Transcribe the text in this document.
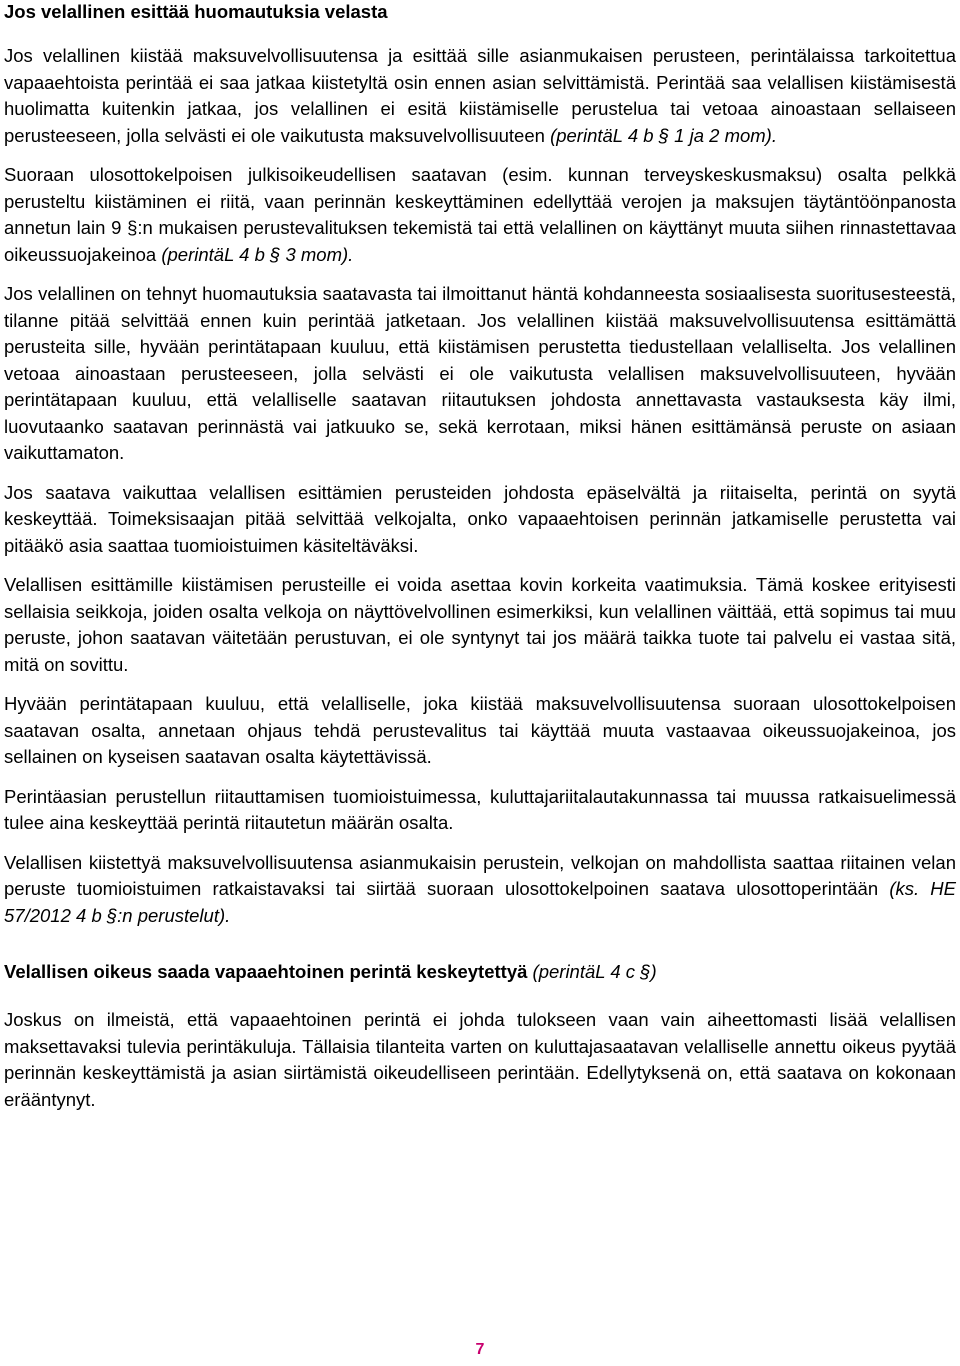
Jos velallinen esittää huomautuksia velasta

Jos velallinen kiistää maksuvelvollisuutensa ja esittää sille asianmukaisen perusteen, perintälaissa tarkoitettua vapaaehtoista perintää ei saa jatkaa kiistetyltä osin ennen asian selvittämistä. Perintää saa velallisen kiistämisestä huolimatta kuitenkin jatkaa, jos velallinen ei esitä kiistämiselle perustelua tai vetoaa ainoastaan sellaiseen perusteeseen, jolla selvästi ei ole vaikutusta maksuvelvollisuuteen (perintäL 4 b § 1 ja 2 mom).

Suoraan ulosottokelpoisen julkisoikeudellisen saatavan (esim. kunnan terveyskeskusmaksu) osalta pelkkä perusteltu kiistäminen ei riitä, vaan perinnän keskeyttäminen edellyttää verojen ja maksujen täytäntöönpanosta annetun lain 9 §:n mukaisen perustevalituksen tekemistä tai että velallinen on käyttänyt muuta siihen rinnastettavaa oikeussuojakeinoa (perintäL 4 b § 3 mom).

Jos velallinen on tehnyt huomautuksia saatavasta tai ilmoittanut häntä kohdanneesta sosiaalisesta suoritusesteestä, tilanne pitää selvittää ennen kuin perintää jatketaan. Jos velallinen kiistää maksuvelvollisuutensa esittämättä perusteita sille, hyvään perintätapaan kuuluu, että kiistämisen perustetta tiedustellaan velalliselta. Jos velallinen vetoaa ainoastaan perusteeseen, jolla selvästi ei ole vaikutusta velallisen maksuvelvollisuuteen, hyvään perintätapaan kuuluu, että velalliselle saatavan riitautuksen johdosta annettavasta vastauksesta käy ilmi, luovutaanko saatavan perinnästä vai jatkuuko se, sekä kerrotaan, miksi hänen esittämänsä peruste on asiaan vaikuttamaton.

Jos saatava vaikuttaa velallisen esittämien perusteiden johdosta epäselvältä ja riitaiselta, perintä on syytä keskeyttää. Toimeksisaajan pitää selvittää velkojalta, onko vapaaehtoisen perinnän jatkamiselle perustetta vai pitääkö asia saattaa tuomioistuimen käsiteltäväksi.

Velallisen esittämille kiistämisen perusteille ei voida asettaa kovin korkeita vaatimuksia. Tämä koskee erityisesti sellaisia seikkoja, joiden osalta velkoja on näyttövelvollinen esimerkiksi, kun velallinen väittää, että sopimus tai muu peruste, johon saatavan väitetään perustuvan, ei ole syntynyt tai jos määrä taikka tuote tai palvelu ei vastaa sitä, mitä on sovittu.

Hyvään perintätapaan kuuluu, että velalliselle, joka kiistää maksuvelvollisuutensa suoraan ulosottokelpoisen saatavan osalta, annetaan ohjaus tehdä perustevalitus tai käyttää muuta vastaavaa oikeussuojakeinoa, jos sellainen on kyseisen saatavan osalta käytettävissä.

Perintäasian perustellun riitauttamisen tuomioistuimessa, kuluttajariitalautakunnassa tai muussa ratkaisuelimessä tulee aina keskeyttää perintä riitautetun määrän osalta.

Velallisen kiistettyä maksuvelvollisuutensa asianmukaisin perustein, velkojan on mahdollista saattaa riitainen velan peruste tuomioistuimen ratkaistavaksi tai siirtää suoraan ulosottokelpoinen saatava ulosottoperintään (ks. HE 57/2012 4 b §:n perustelut).

Velallisen oikeus saada vapaaehtoinen perintä keskeytettyä (perintäL 4 c §)

Joskus on ilmeistä, että vapaaehtoinen perintä ei johda tulokseen vaan vain aiheettomasti lisää velallisen maksettavaksi tulevia perintäkuluja. Tällaisia tilanteita varten on kuluttajasaatavan velalliselle annettu oikeus pyytää perinnän keskeyttämistä ja asian siirtämistä oikeudelliseen perintään. Edellytyksenä on, että saatava on kokonaan erääntynyt.

7
